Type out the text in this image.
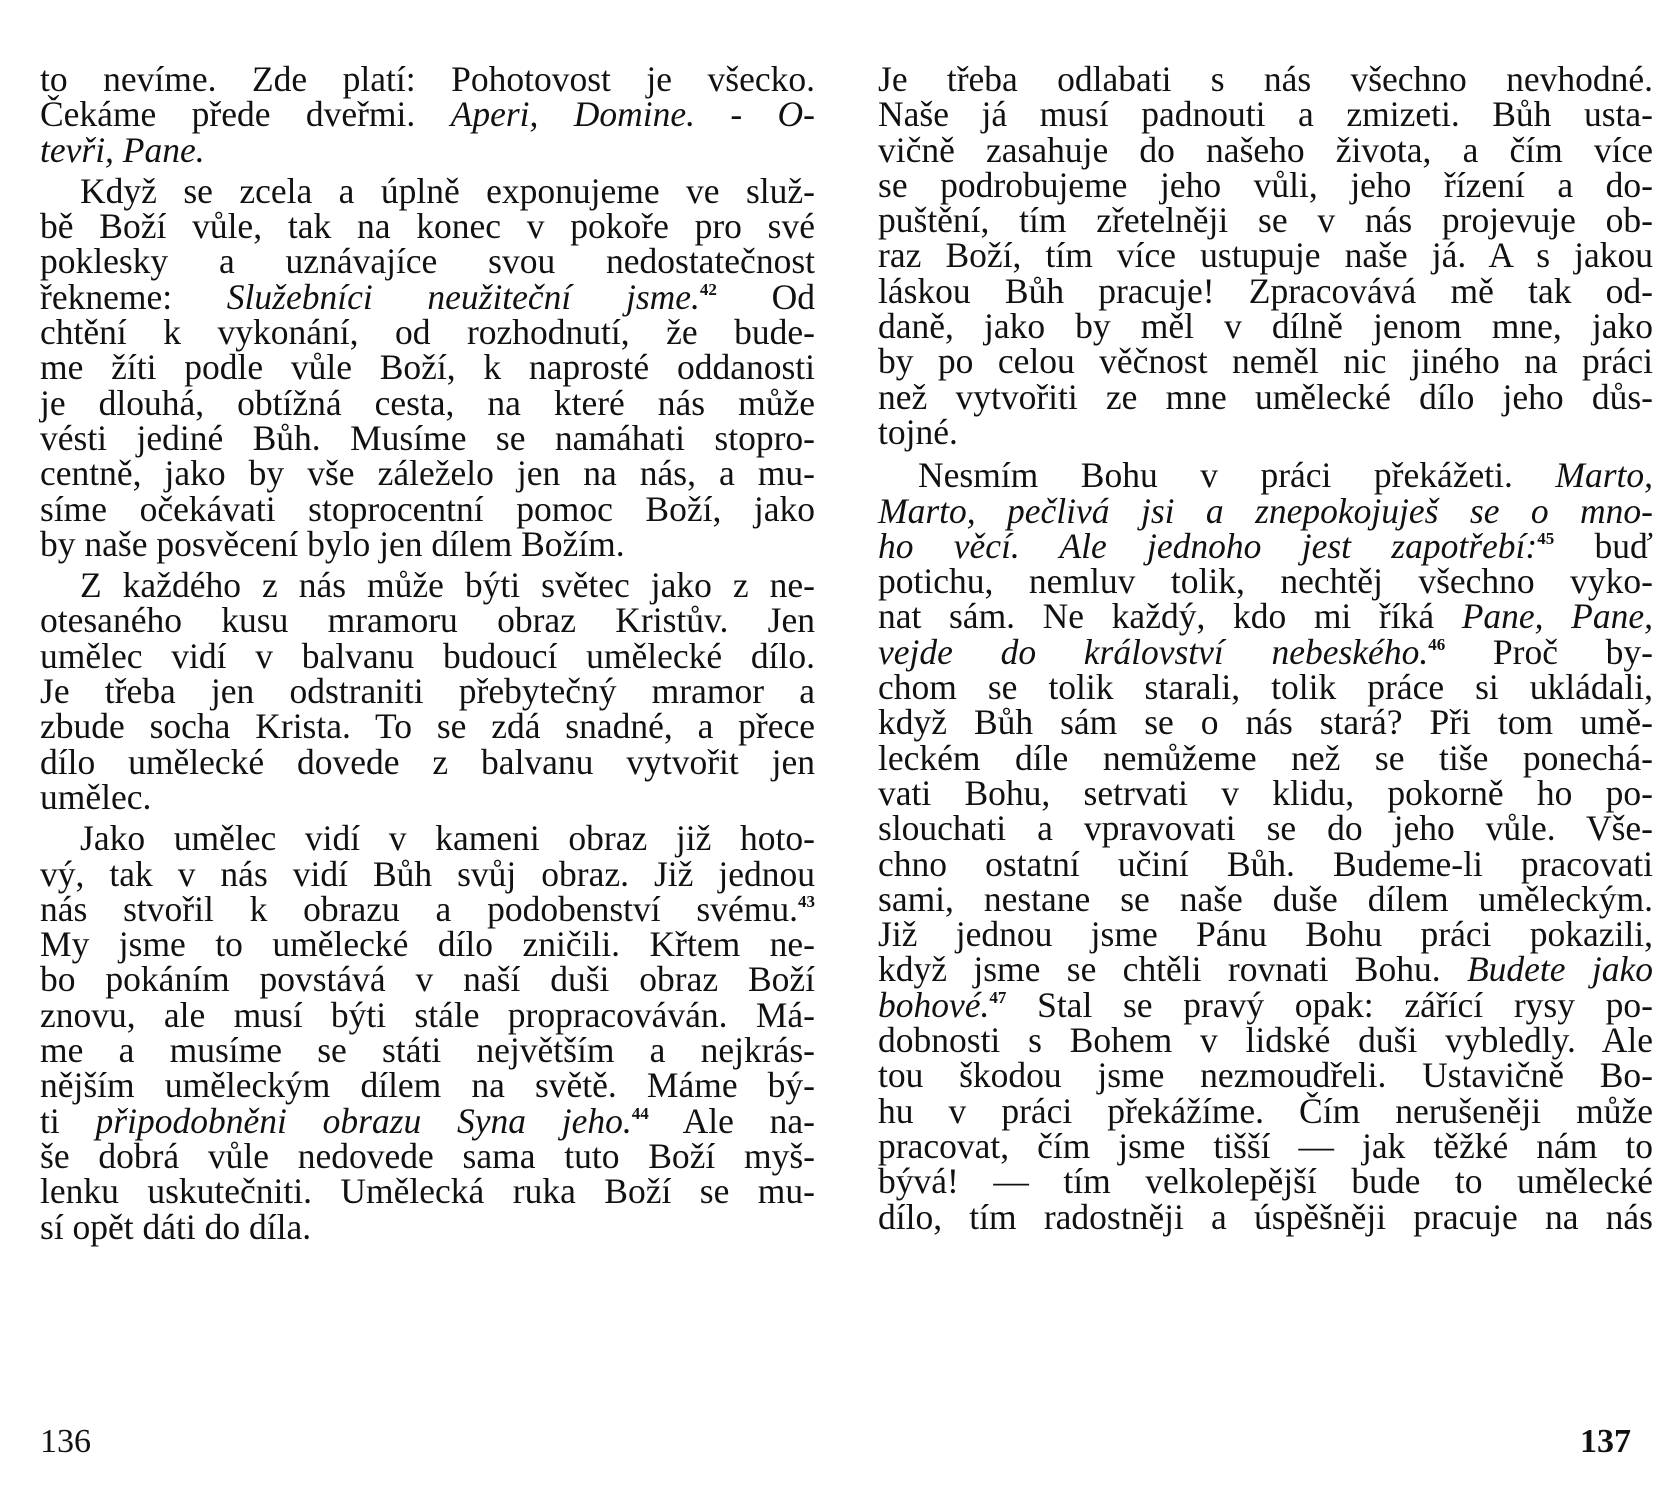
to nevíme. Zde platí: Pohotovost je všecko.
Čekáme přede dveřmi. Aperi, Domine. - O-
tevři, Pane.
Když se zcela a úplně exponujeme ve služ-
bě Boží vůle, tak na konec v pokoře pro své
poklesky a uznávajíce svou nedostatečnost
řekneme: Služebníci neužiteční jsme.$^{42}$ Od
chtění k vykonání, od rozhodnutí, že bude-
me žíti podle vůle Boží, k naprosté oddanosti
je dlouhá, obtížná cesta, na které nás může
vésti jediné Bůh. Musíme se namáhati stopro-
centně, jako by vše záleželo jen na nás, a mu-
síme očekávati stoprocentní pomoc Boží, jako
by naše posvěcení bylo jen dílem Božím.
Z každého z nás může býti světec jako z ne-
otesaného kusu mramoru obraz Kristův. Jen
umělec vidí v balvanu budoucí umělecké dílo.
Je třeba jen odstraniti přebytečný mramor a
zbude socha Krista. To se zdá snadné, a přece
dílo umělecké dovede z balvanu vytvořit jen
umělec.
Jako umělec vidí v kameni obraz již hoto-
vý, tak v nás vidí Bůh svůj obraz. Již jednou
nás stvořil k obrazu a podobenství svému.$^{43}$
My jsme to umělecké dílo zničili. Křtem ne-
bo pokáním povstává v naší duši obraz Boží
znovu, ale musí býti stále propracováván. Má-
me a musíme se státi největším a nejkrás-
nějším uměleckým dílem na světě. Máme bý-
ti připodobněni obrazu Syna jeho.$^{44}$ Ale na-
še dobrá vůle nedovede sama tuto Boží myš-
lenku uskutečniti. Umělecká ruka Boží se mu-
sí opět dáti do díla.
Je třeba odlabati s nás všechno nevhodné.
Naše já musí padnouti a zmizeti. Bůh usta-
vičně zasahuje do našeho života, a čím více
se podrobujeme jeho vůli, jeho řízení a do-
puštění, tím zřetelněji se v nás projevuje ob-
raz Boží, tím více ustupuje naše já. A s jakou
láskou Bůh pracuje! Zpracovává mě tak od-
daně, jako by měl v dílně jenom mne, jako
by po celou věčnost neměl nic jiného na práci
než vytvořiti ze mne umělecké dílo jeho důs-
tojné.
Nesmím Bohu v práci překážeti. Marto,
Marto, pečlivá jsi a znepokojuješ se o mno-
ho věcí. Ale jednoho jest zapotřebí:$^{45}$ buď
potichu, nemluv tolik, nechtěj všechno vyko-
nat sám. Ne každý, kdo mi říká Pane, Pane,
vejde do království nebeského.$^{46}$ Proč by-
chom se tolik starali, tolik práce si ukládali,
když Bůh sám se o nás stará? Při tom umě-
leckém díle nemůžeme než se tiše ponechá-
vati Bohu, setrvati v klidu, pokorně ho po-
slouchati a vpravovati se do jeho vůle. Vše-
chno ostatní učiní Bůh. Budeme-li pracovati
sami, nestane se naše duše dílem uměleckým.
Již jednou jsme Pánu Bohu práci pokazili,
když jsme se chtěli rovnati Bohu. Budete jako
bohové.$^{47}$ Stal se pravý opak: zářící rysy po-
dobnosti s Bohem v lidské duši vybledly. Ale
tou škodou jsme nezmoudřeli. Ustavičně Bo-
hu v práci překážíme. Čím nerušeněji může
pracovat, čím jsme tišší — jak těžké nám to
bývá! — tím velkolepější bude to umělecké
dílo, tím radostněji a úspěšněji pracuje na nás
136	137
